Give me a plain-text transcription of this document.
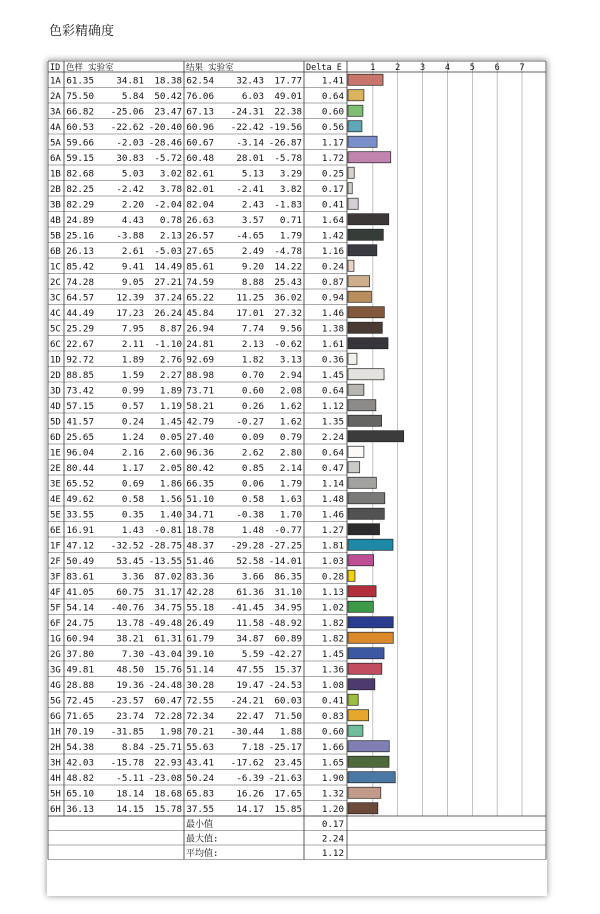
色彩精确度
ID 色样 实验室	结果 实验室	Delta E	1 2 3 4 5 6 7
1A 61.35 34.81 18.38 62.54 32.43 17.77 1.41
2A 75.50	5.84 50.42 76.06	6.03 49.01 0.64
3A 66.82 -25.06 23.47 67.13 -24.31 22.38 0.60
4A 60.53 -22.62 -20.40 60.96 -22.42 -19.56 0.56
5A 59.66 -2.03 -28.46 60.67 -3.14 -26.87 1.17
6A 59.15 30.83 -5.72 60.48 28.01 -5.78 1.72
1B 82.68	5.03 3.02 82.61	5.13 3.29 0.25
2B 82.25 -2.42 3.78 82.01 -2.41 3.82 0.17
3B 82.29	2.20 -2.04 82.04	2.43 -1.83 0.41
4B 24.89	4.43 0.78 26.63	3.57 0.71 1.64
5B 25.16 -3.88 2.13 26.57 -4.65 1.79 1.42
6B 26.13	2.61 -5.03 27.65	2.49 -4.78 1.16
1C 85.42	9.41 14.49 85.61	9.20 14.22 0.24
2C 74.28	9.05 27.21 74.59	8.88 25.43 0.87
3C 64.57 12.39 37.24 65.22 11.25 36.02 0.94
4C 44.49 17.23 26.24 45.84 17.01 27.32 1.46
5C 25.29	7.95 8.87 26.94	7.74 9.56 1.38
6C 22.67	2.11 -1.10 24.81	2.13 -0.62 1.61
1D 92.72	1.89 2.76 92.69	1.82 3.13 0.36
2D 88.85	1.59 2.27 88.98	0.70 2.94 1.45
3D 73.42	0.99 1.89 73.71	0.60 2.08 0.64
4D 57.15	0.57 1.19 58.21	0.26 1.62 1.12
5D 41.57	0.24 1.45 42.79 -0.27 1.62 1.35
6D 25.65	1.24 0.05 27.40	0.09 0.79 2.24
1E 96.04	2.16 2.60 96.36	2.62 2.80 0.64
2E 80.44	1.17 2.05 80.42	0.85 2.14 0.47
3E 65.52	0.69 1.86 66.35	0.06 1.79 1.14
4E 49.62	0.58 1.56 51.10	0.58 1.63 1.48
5E 33.55	0.35 1.40 34.71 -0.38 1.70 1.46
6E 16.91	1.43 -0.81 18.78	1.48 -0.77 1.27
1F 47.12 -32.52 -28.75 48.37 -29.28 -27.25 1.81
2F 50.49 53.45 -13.55 51.46 52.58 -14.01 1.03
3F 83.61	3.36 87.02 83.36	3.66 86.35 0.28
4F 41.05 60.75 31.17 42.28 61.36 31.10 1.13
5F 54.14 -40.76 34.75 55.18 -41.45 34.95 1.02
6F 24.75 13.78 -49.48 26.49 11.58 -48.92 1.82
1G 60.94 38.21 61.31 61.79 34.87 60.89 1.82
2G 37.80	7.30 -43.04 39.10	5.59 -42.27 1.45
3G 49.81 48.50 15.76 51.14 47.55 15.37 1.36
4G 28.88 19.36 -24.48 30.28 19.47 -24.53 1.08
5G 72.45 -23.57 60.47 72.55 -24.21 60.03 0.41
6G 71.65 23.74 72.28 72.34 22.47 71.50 0.83
1H 70.19 -31.85 1.98 70.21 -30.44 1.88 0.60
2H 54.38	8.84 -25.71 55.63	7.18 -25.17 1.66
3H 42.03 -15.78 22.93 43.41 -17.62 23.45 1.65
4H 48.82 -5.11 -23.08 50.24 -6.39 -21.63 1.90
5H 65.10 18.14 18.68 65.83 16.26 17.65 1.32
6H 36.13 14.15 15.78 37.55 14.17 15.85 1.20
最小值	0.17
最大值:	2.24
平均值:	1.12
